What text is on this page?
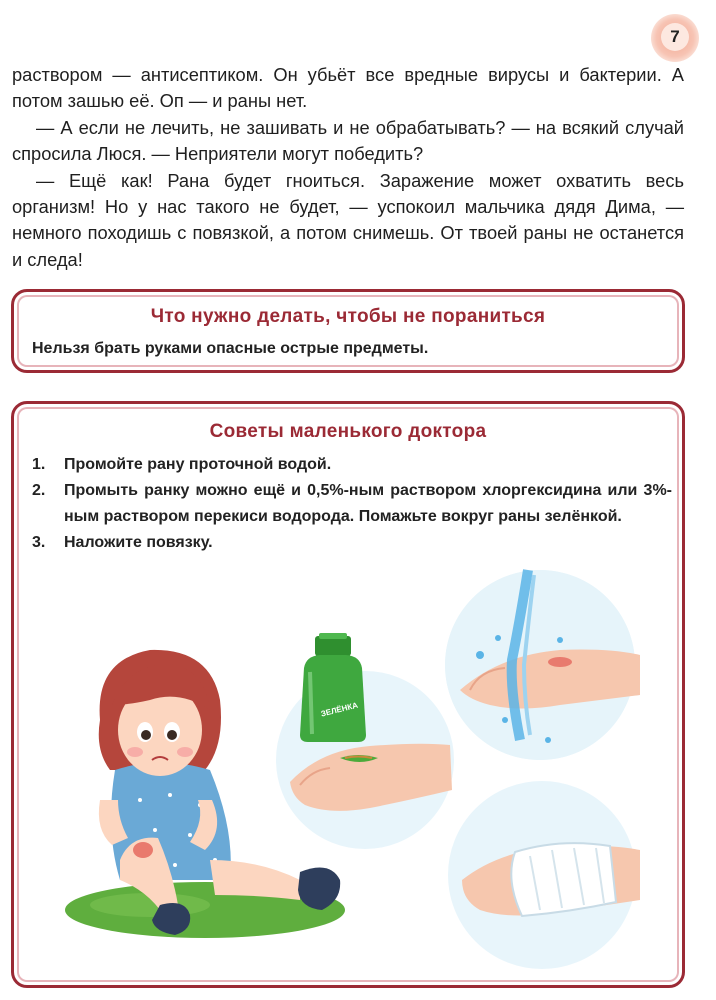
7

раствором — антисептиком. Он убьёт все вредные вирусы и бактерии. А потом зашью её. Оп — и раны нет.

— А если не лечить, не зашивать и не обрабатывать? — на всякий случай спросила Люся. — Неприятели могут победить?

— Ещё как! Рана будет гноиться. Заражение может охватить весь организм! Но у нас такого не будет, — успокоил мальчика дядя Дима, — немного походишь с повязкой, а потом снимешь. От твоей раны не останется и следа!

Что нужно делать, чтобы не пораниться
Нельзя брать руками опасные острые предметы.
Советы маленького доктора
1. Промойте рану проточной водой.
2. Промыть ранку можно ещё и 0,5%-ным раствором хлоргексидина или 3%-ным раствором перекиси водорода. Помажьте вокруг раны зелёнкой.
3. Наложите повязку.
ЗЕЛЁНКА
